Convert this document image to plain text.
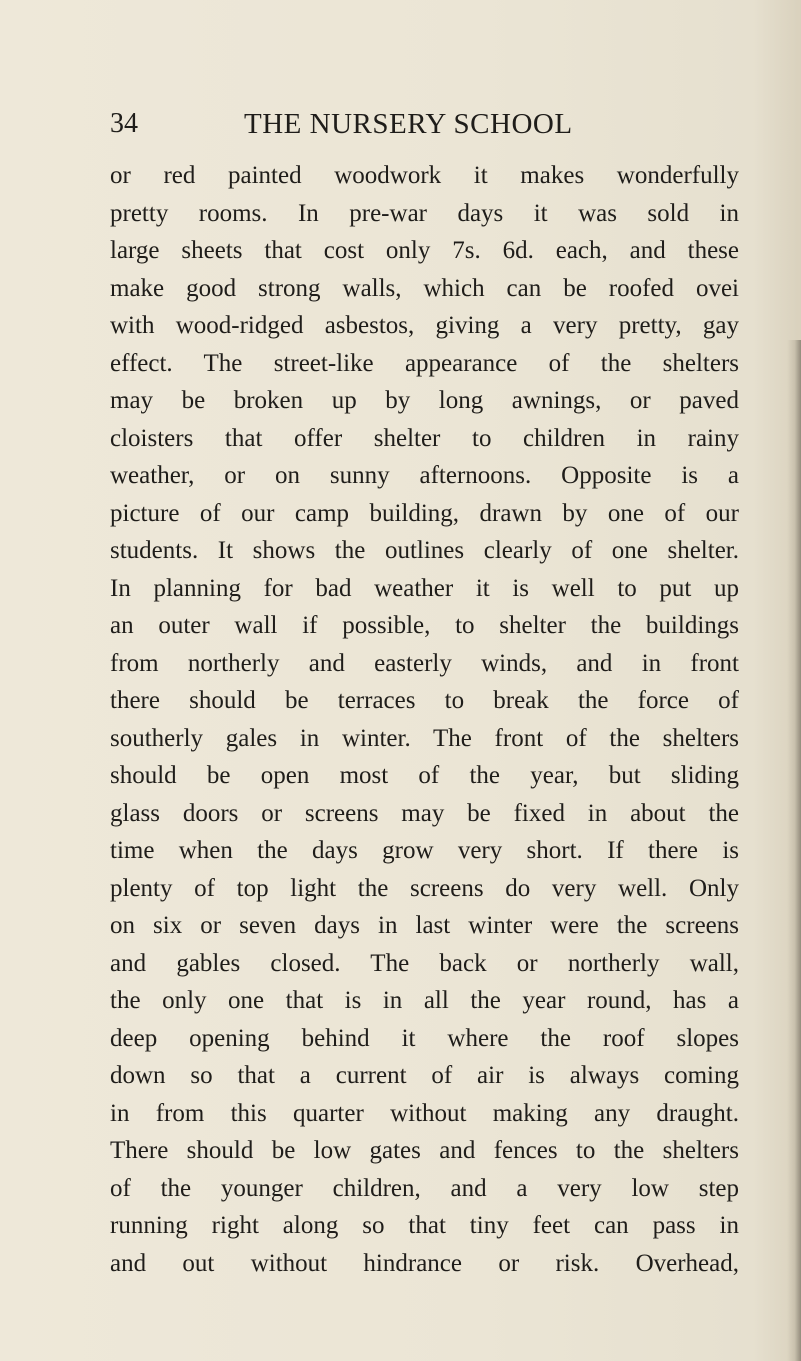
34	THE NURSERY SCHOOL
or red painted woodwork it makes wonderfully
pretty rooms. In pre-war days it was sold in
large sheets that cost only 7s. 6d. each, and these
make good strong walls, which can be roofed ovei
with wood-ridged asbestos, giving a very pretty, gay
effect. The street-like appearance of the shelters
may be broken up by long awnings, or paved
cloisters that offer shelter to children in rainy
weather, or on sunny afternoons. Opposite is a
picture of our camp building, drawn by one of our
students. It shows the outlines clearly of one shelter.
In planning for bad weather it is well to put up
an outer wall if possible, to shelter the buildings
from northerly and easterly winds, and in front
there should be terraces to break the force of
southerly gales in winter. The front of the shelters
should be open most of the year, but sliding
glass doors or screens may be fixed in about the
time when the days grow very short. If there is
plenty of top light the screens do very well. Only
on six or seven days in last winter were the screens
and gables closed. The back or northerly wall,
the only one that is in all the year round, has a
deep opening behind it where the roof slopes
down so that a current of air is always coming
in from this quarter without making any draught.
There should be low gates and fences to the shelters
of the younger children, and a very low step
running right along so that tiny feet can pass in
and out without hindrance or risk. Overhead,
